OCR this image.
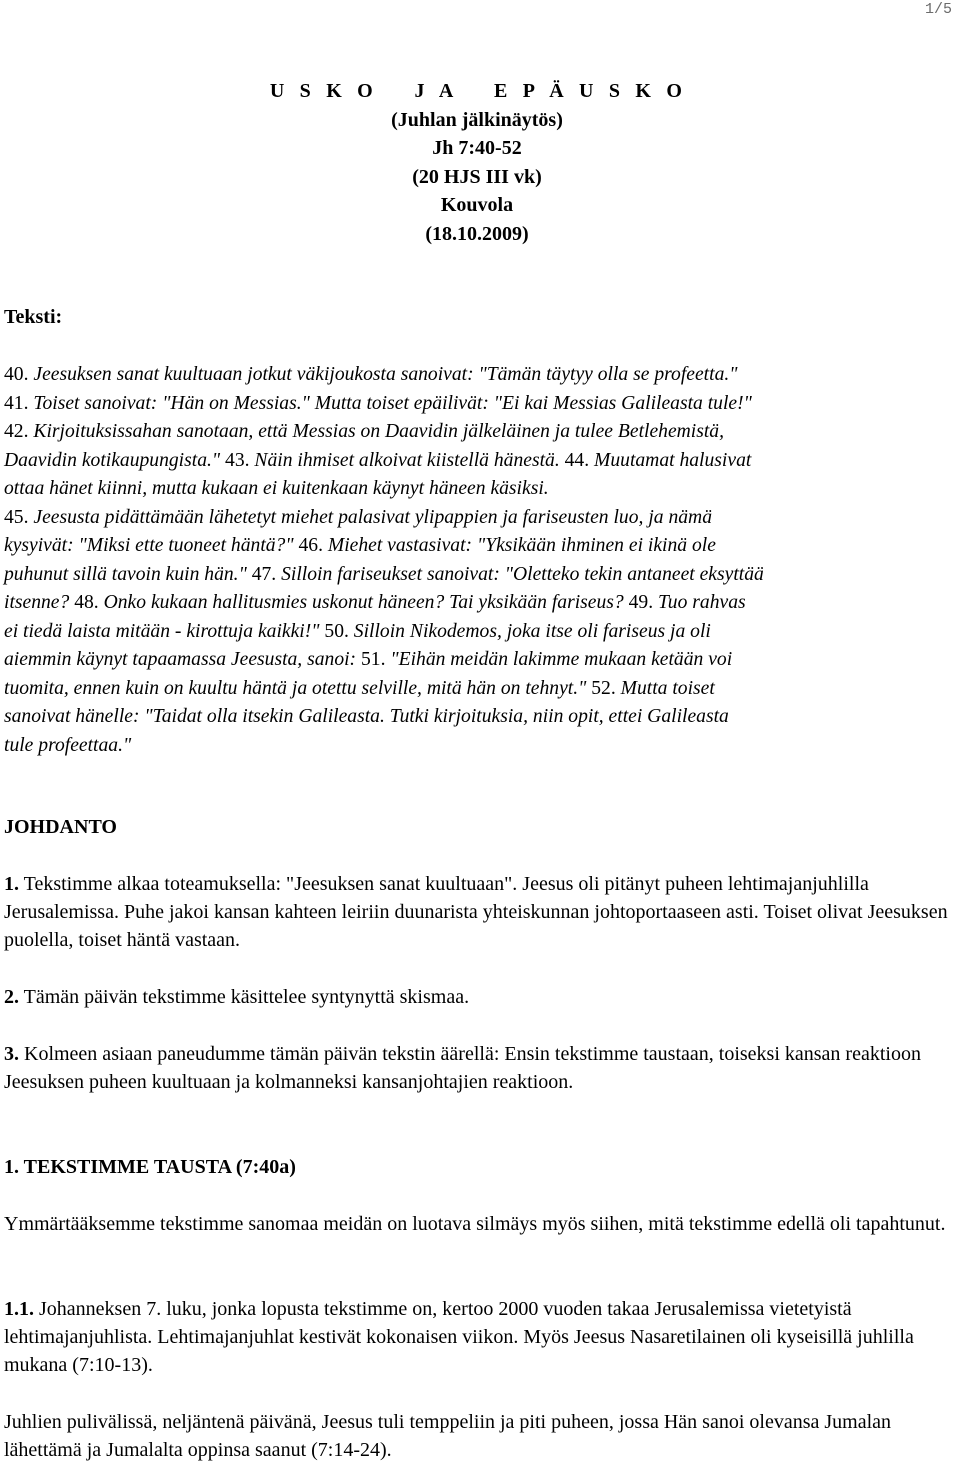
1/5
U S K O   J A   E P Ä U S K O
(Juhlan jälkinäytös)
Jh 7:40-52
(20 HJS III vk)
Kouvola
(18.10.2009)
Teksti:
40. Jeesuksen sanat kuultuaan jotkut väkijoukosta sanoivat: "Tämän täytyy olla se profeetta."
41. Toiset sanoivat: "Hän on Messias." Mutta toiset epäilivät: "Ei kai Messias Galileasta tule!"
42. Kirjoituksissahan sanotaan, että Messias on Daavidin jälkeläinen ja tulee Betlehemistä,
Daavidin kotikaupungista." 43. Näin ihmiset alkoivat kiistellä hänestä. 44. Muutamat halusivat
ottaa hänet kiinni, mutta kukaan ei kuitenkaan käynyt häneen käsiksi.
45. Jeesusta pidättämään lähetetyt miehet palasivat ylipappien ja fariseusten luo, ja nämä
kysyivät: "Miksi ette tuoneet häntä?" 46. Miehet vastasivat: "Yksikään ihminen ei ikinä ole
puhunut sillä tavoin kuin hän." 47. Silloin fariseukset sanoivat: "Oletteko tekin antaneet eksyttää
itsenne? 48. Onko kukaan hallitusmies uskonut häneen? Tai yksikään fariseus? 49. Tuo rahvas
ei tiedä laista mitään - kirottuja kaikki!" 50. Silloin Nikodemos, joka itse oli fariseus ja oli
aiemmin käynyt tapaamassa Jeesusta, sanoi: 51. "Eihän meidän lakimme mukaan ketään voi
tuomita, ennen kuin on kuultu häntä ja otettu selville, mitä hän on tehnyt." 52. Mutta toiset
sanoivat hänelle: "Taidat olla itsekin Galileasta. Tutki kirjoituksia, niin opit, ettei Galileasta
tule profeettaa."
JOHDANTO
1. Tekstimme alkaa toteamuksella: "Jeesuksen sanat kuultuaan". Jeesus oli pitänyt puheen lehtimajanjuhlilla Jerusalemissa. Puhe jakoi kansan kahteen leiriin duunarista yhteiskunnan johtoportaaseen asti. Toiset olivat Jeesuksen puolella, toiset häntä vastaan.
2. Tämän päivän tekstimme käsittelee syntynyttä skismaa.
3. Kolmeen asiaan paneudumme tämän päivän tekstin äärellä: Ensin tekstimme taustaan, toiseksi kansan reaktioon Jeesuksen puheen kuultuaan ja kolmanneksi kansanjohtajien reaktioon.
1. TEKSTIMME TAUSTA (7:40a)
Ymmärtääksemme tekstimme sanomaa meidän on luotava silmäys myös siihen, mitä tekstimme edellä oli tapahtunut.
1.1. Johanneksen 7. luku, jonka lopusta tekstimme on, kertoo 2000 vuoden takaa Jerusalemissa vietetyistä lehtimajanjuhlista. Lehtimajanjuhlat kestivät kokonaisen viikon. Myös Jeesus Nasaretilainen oli kyseisillä juhlilla mukana (7:10-13).
Juhlien pulivälissä, neljäntenä päivänä, Jeesus tuli temppeliin ja piti puheen, jossa Hän sanoi olevansa Jumalan lähettämä ja Jumalalta oppinsa saanut (7:14-24).
